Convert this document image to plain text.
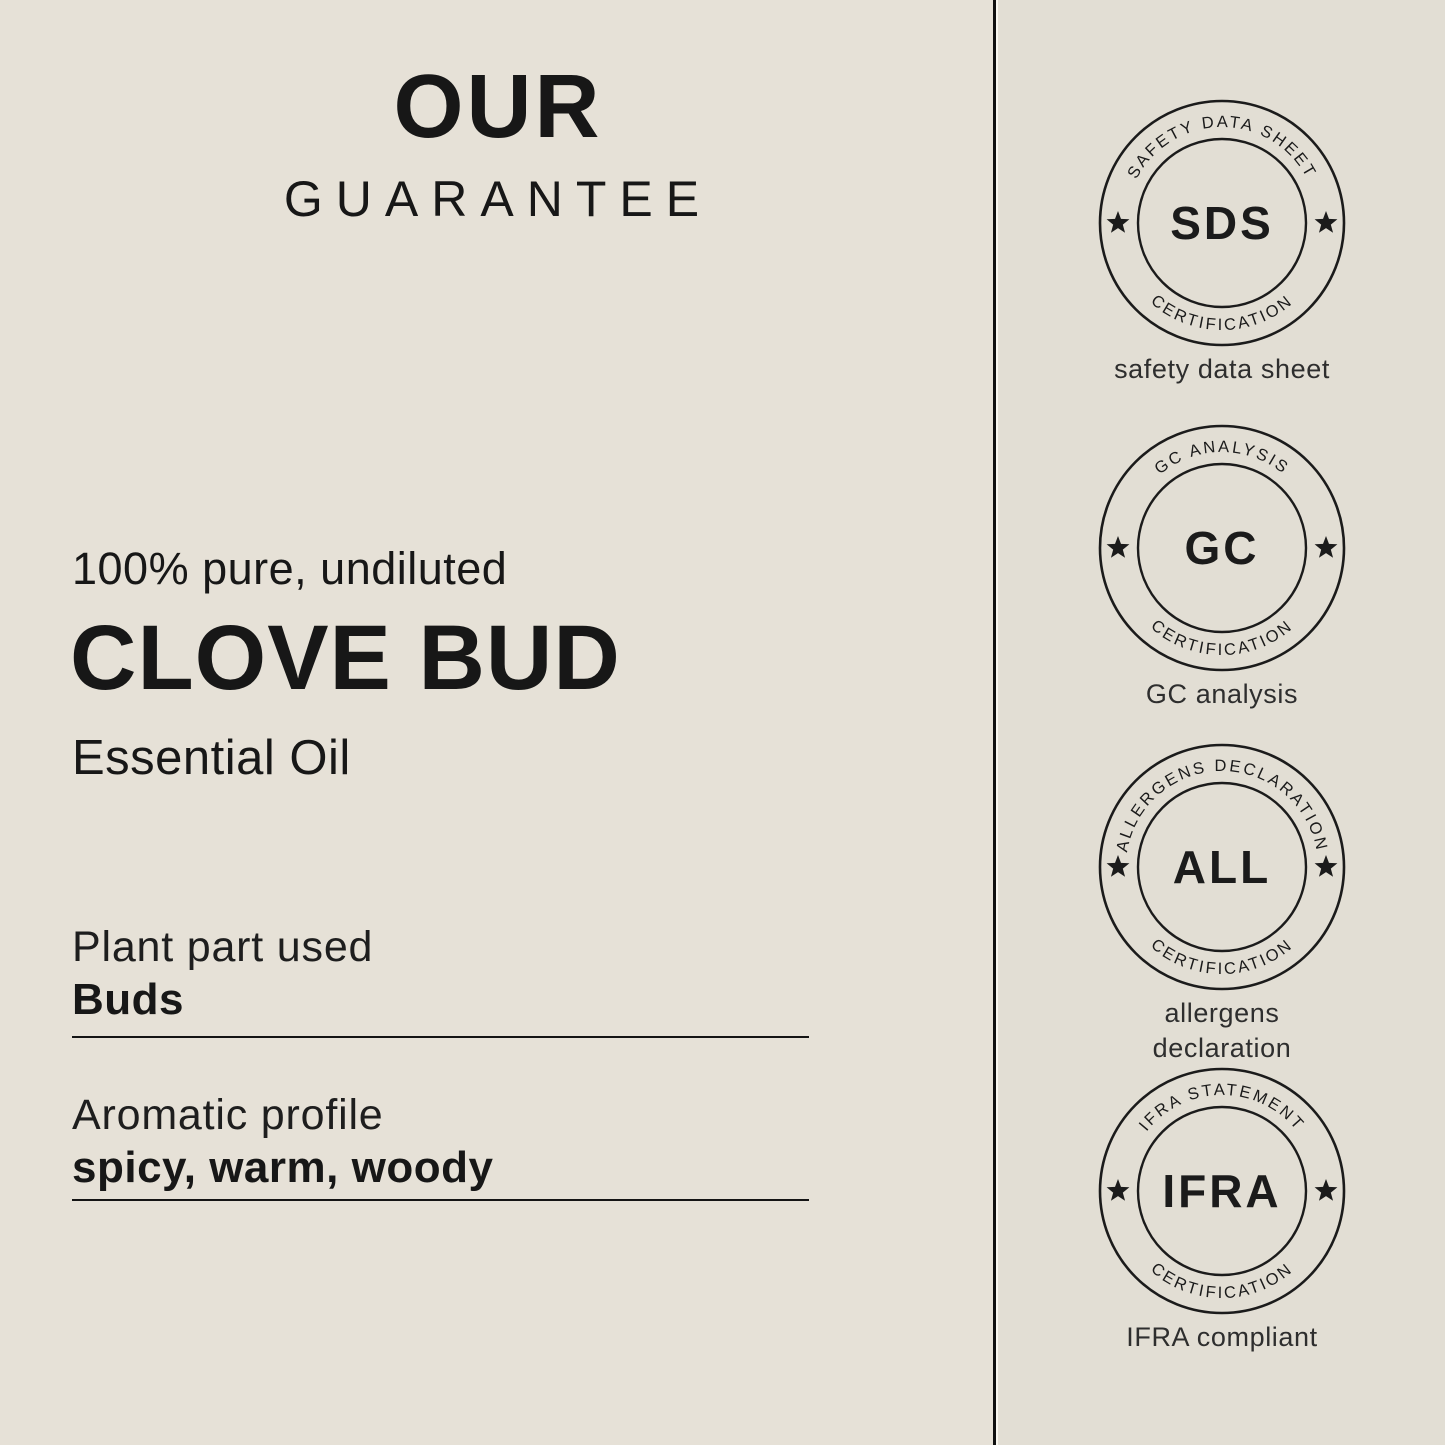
OUR
GUARANTEE
100% pure, undiluted
CLOVE BUD
Essential Oil
Plant part used
Buds
Aromatic profile
spicy, warm, woody
SAFETY DATA SHEET
CERTIFICATION
SDS
safety data sheet
GC ANALYSIS
CERTIFICATION
GC
GC analysis
ALLERGENS DECLARATION
CERTIFICATION
ALL
allergens declaration
IFRA STATEMENT
CERTIFICATION
IFRA
IFRA compliant
